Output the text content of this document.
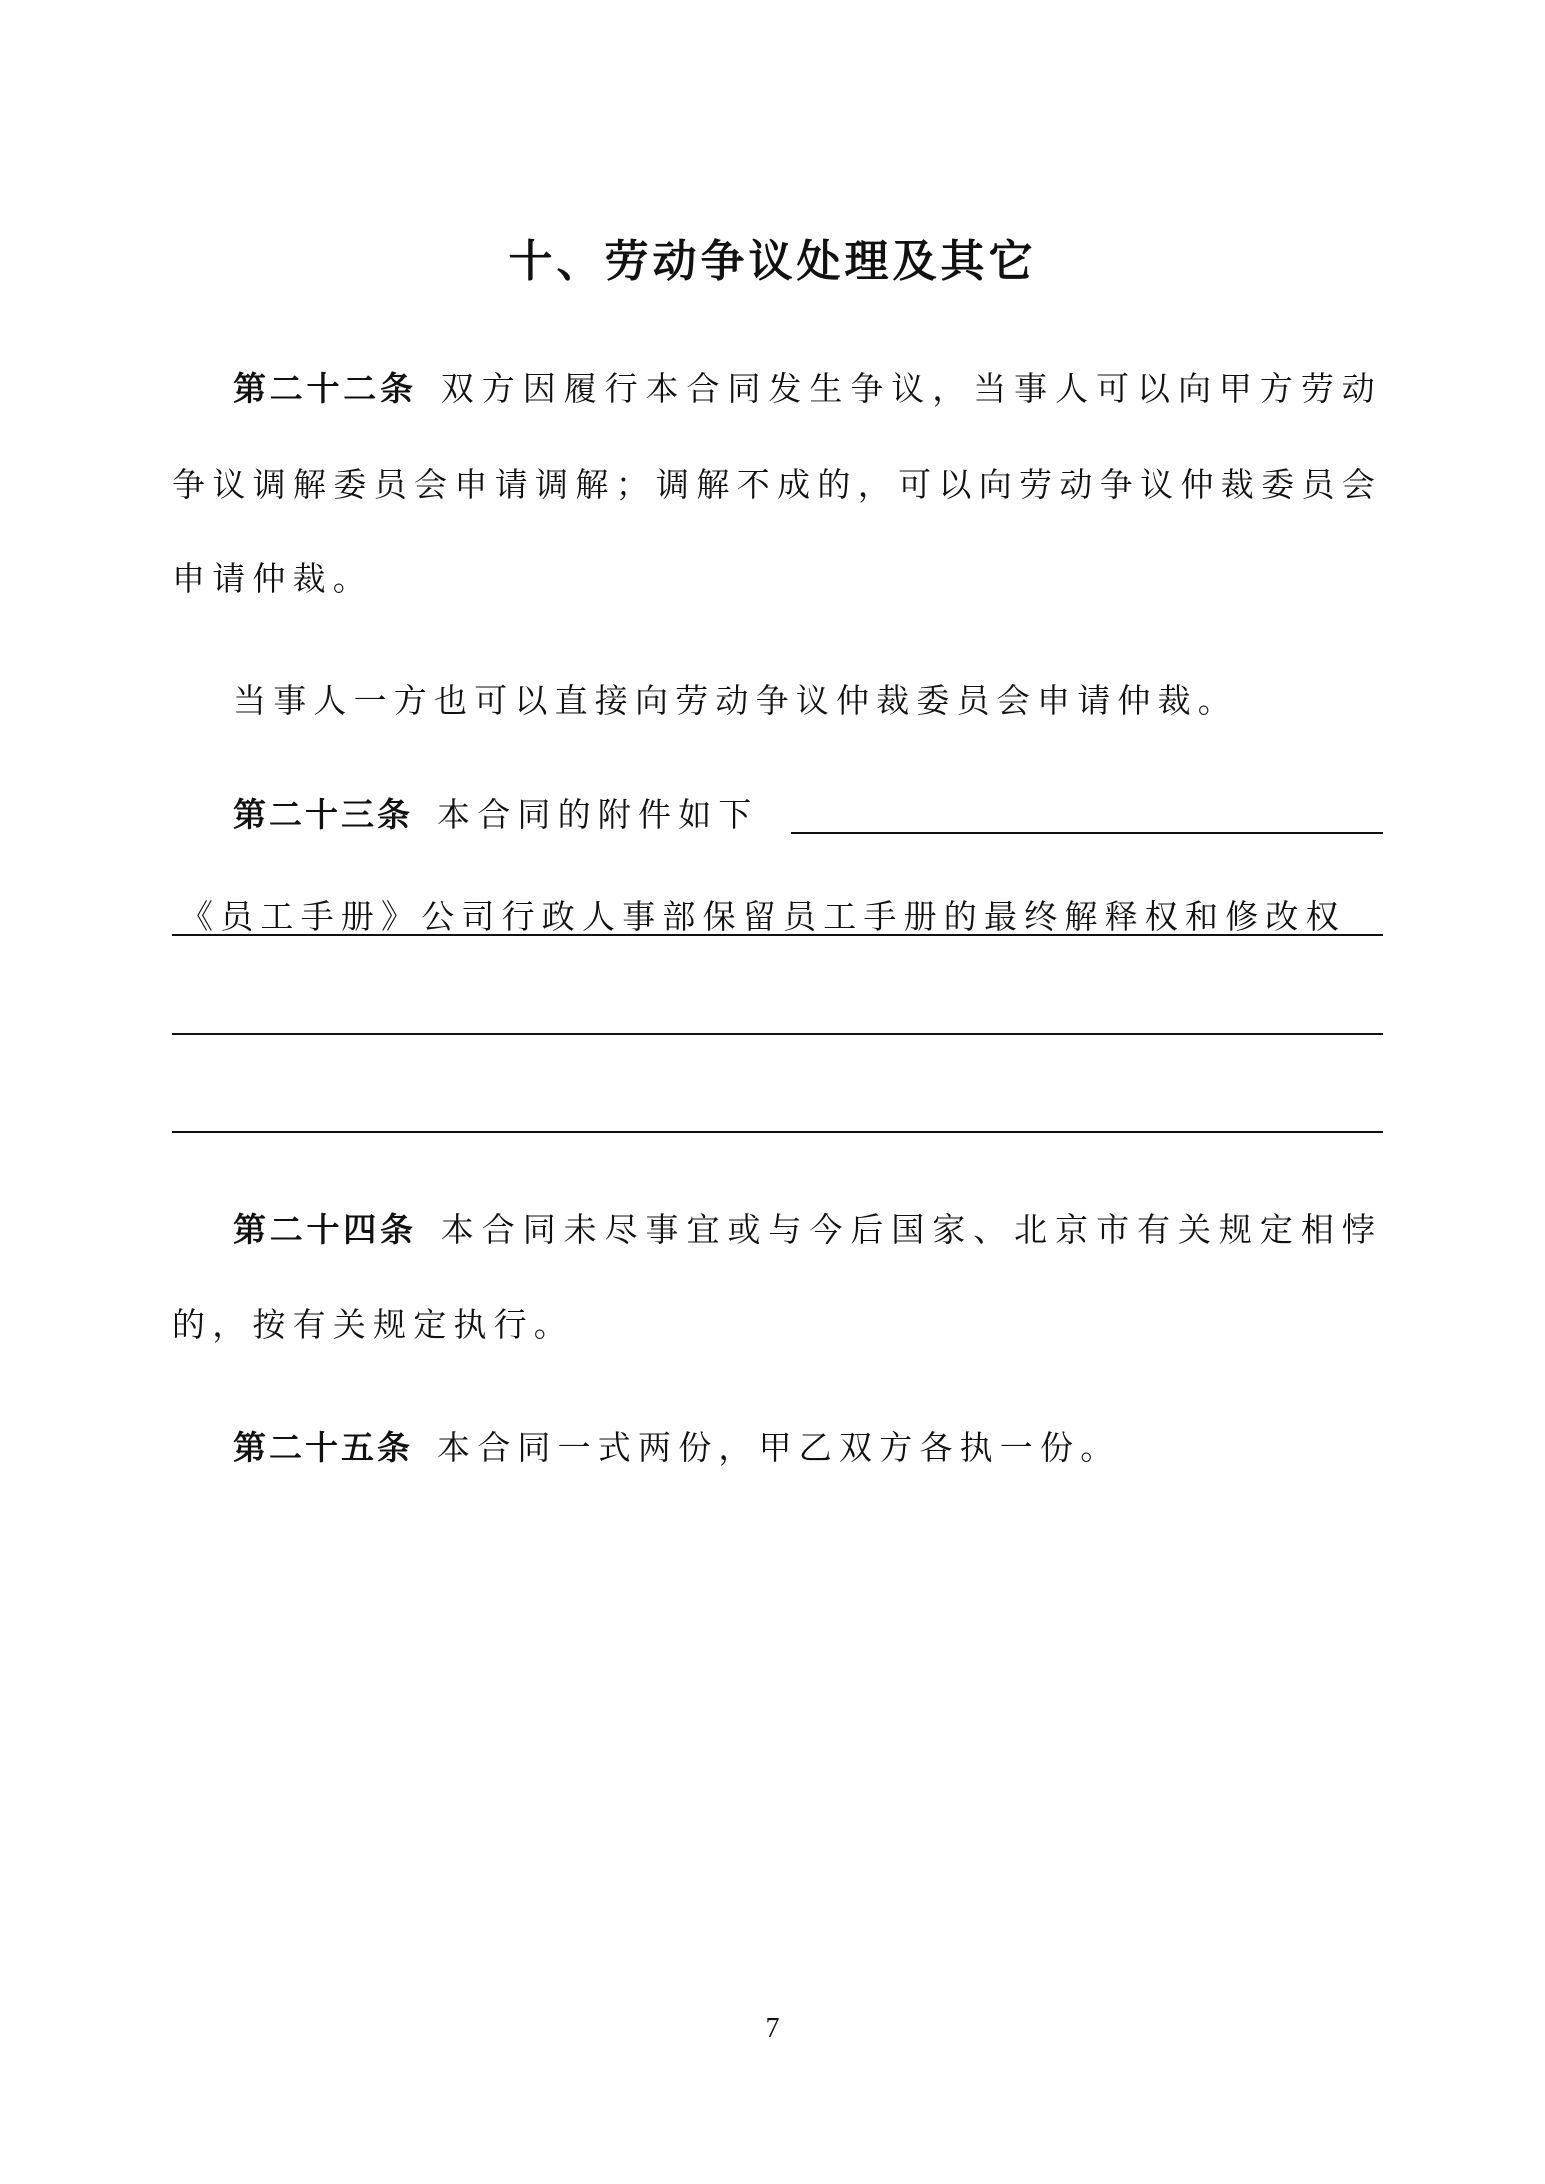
十、劳动争议处理及其它
第二十二条 双方因履行本合同发生争议，当事人可以向甲方劳动
争议调解委员会申请调解；调解不成的，可以向劳动争议仲裁委员会
申请仲裁。
当事人一方也可以直接向劳动争议仲裁委员会申请仲裁。
第二十三条 本合同的附件如下
《员工手册》公司行政人事部保留员工手册的最终解释权和修改权
第二十四条 本合同未尽事宜或与今后国家、北京市有关规定相悖
的，按有关规定执行。
第二十五条 本合同一式两份，甲乙双方各执一份。
7
